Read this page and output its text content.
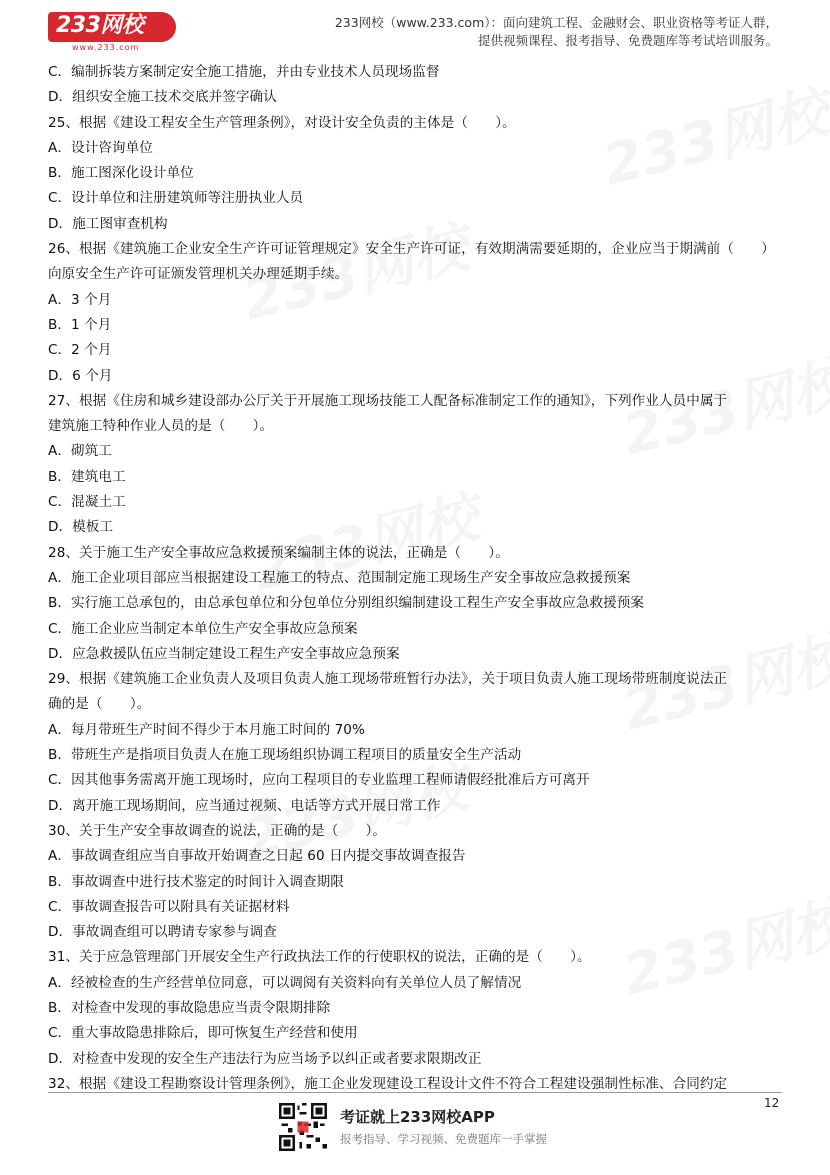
233网校
www.233.com
233网校（www.233.com）：面向建筑工程、金融财会、职业资格等考证人群，
提供视频课程、报考指导、免费题库等考试培训服务。
C．编制拆装方案制定安全施工措施，并由专业技术人员现场监督
D．组织安全施工技术交底并签字确认
25、根据《建设工程安全生产管理条例》，对设计安全负责的主体是（　　）。
A．设计咨询单位
B．施工图深化设计单位
C．设计单位和注册建筑师等注册执业人员
D．施工图审查机构
26、根据《建筑施工企业安全生产许可证管理规定》安全生产许可证，有效期满需要延期的，企业应当于期满前（　　）
向原安全生产许可证颁发管理机关办理延期手续。
A．3 个月
B．1 个月
C．2 个月
D．6 个月
27、根据《住房和城乡建设部办公厅关于开展施工现场技能工人配备标准制定工作的通知》，下列作业人员中属于
建筑施工特种作业人员的是（　　）。
A．砌筑工
B．建筑电工
C．混凝土工
D．模板工
28、关于施工生产安全事故应急救援预案编制主体的说法，正确是（　　）。
A．施工企业项目部应当根据建设工程施工的特点、范围制定施工现场生产安全事故应急救援预案
B．实行施工总承包的，由总承包单位和分包单位分别组织编制建设工程生产安全事故应急救援预案
C．施工企业应当制定本单位生产安全事故应急预案
D．应急救援队伍应当制定建设工程生产安全事故应急预案
29、根据《建筑施工企业负责人及项目负责人施工现场带班暂行办法》，关于项目负责人施工现场带班制度说法正
确的是（　　）。
A．每月带班生产时间不得少于本月施工时间的 70%
B．带班生产是指项目负责人在施工现场组织协调工程项目的质量安全生产活动
C．因其他事务需离开施工现场时，应向工程项目的专业监理工程师请假经批准后方可离开
D．离开施工现场期间，应当通过视频、电话等方式开展日常工作
30、关于生产安全事故调查的说法，正确的是（　　）。
A．事故调查组应当自事故开始调查之日起 60 日内提交事故调查报告
B．事故调查中进行技术鉴定的时间计入调查期限
C．事故调查报告可以附具有关证据材料
D．事故调查组可以聘请专家参与调查
31、关于应急管理部门开展安全生产行政执法工作的行使职权的说法，正确的是（　　）。
A．经被检查的生产经营单位同意，可以调阅有关资料向有关单位人员了解情况
B．对检查中发现的事故隐患应当责令限期排除
C．重大事故隐患排除后，即可恢复生产经营和使用
D．对检查中发现的安全生产违法行为应当场予以纠正或者要求限期改正
32、根据《建设工程勘察设计管理条例》，施工企业发现建设工程设计文件不符合工程建设强制性标准、合同约定
12
考证就上233网校APP
报考指导、学习视频、免费题库一手掌握
